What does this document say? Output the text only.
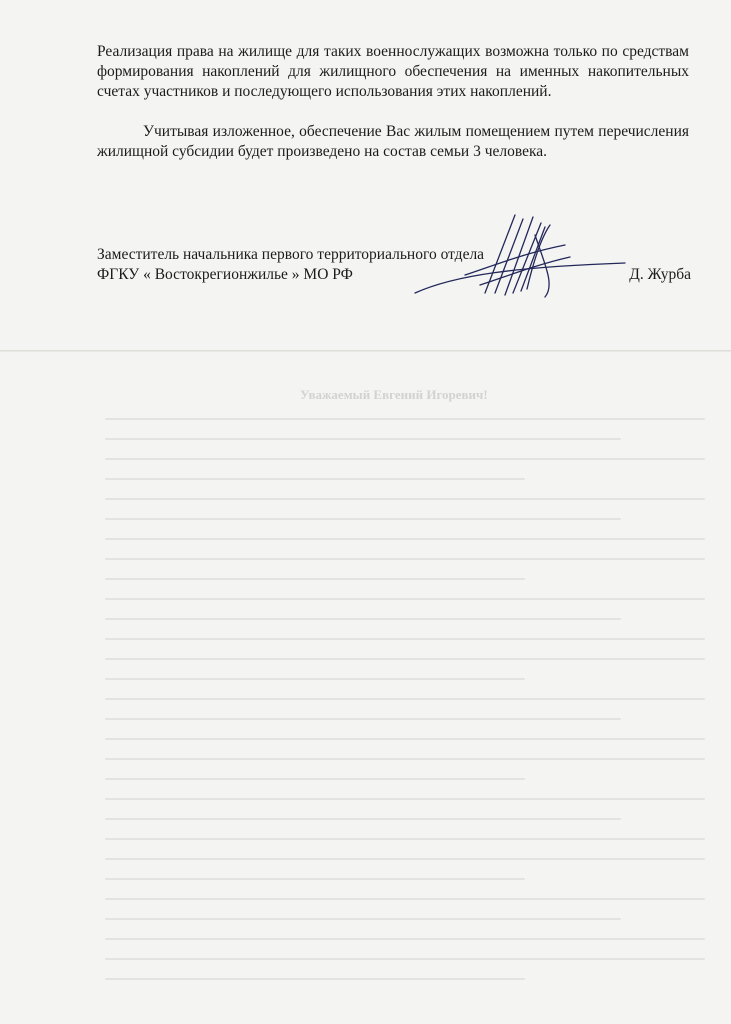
Реализация права на жилище для таких военнослужащих возможна только по средствам формирования накоплений для жилищного обеспечения на именных накопительных счетах участников и последующего использования этих накоплений.

Учитывая изложенное, обеспечение Вас жилым помещением путем перечисления жилищной субсидии будет произведено на состав семьи 3 человека.

Заместитель начальника первого территориального отдела
ФГКУ « Востокрегионжилье » МО РФ	Д. Журба
Уважаемый Евгений Игоревич!
